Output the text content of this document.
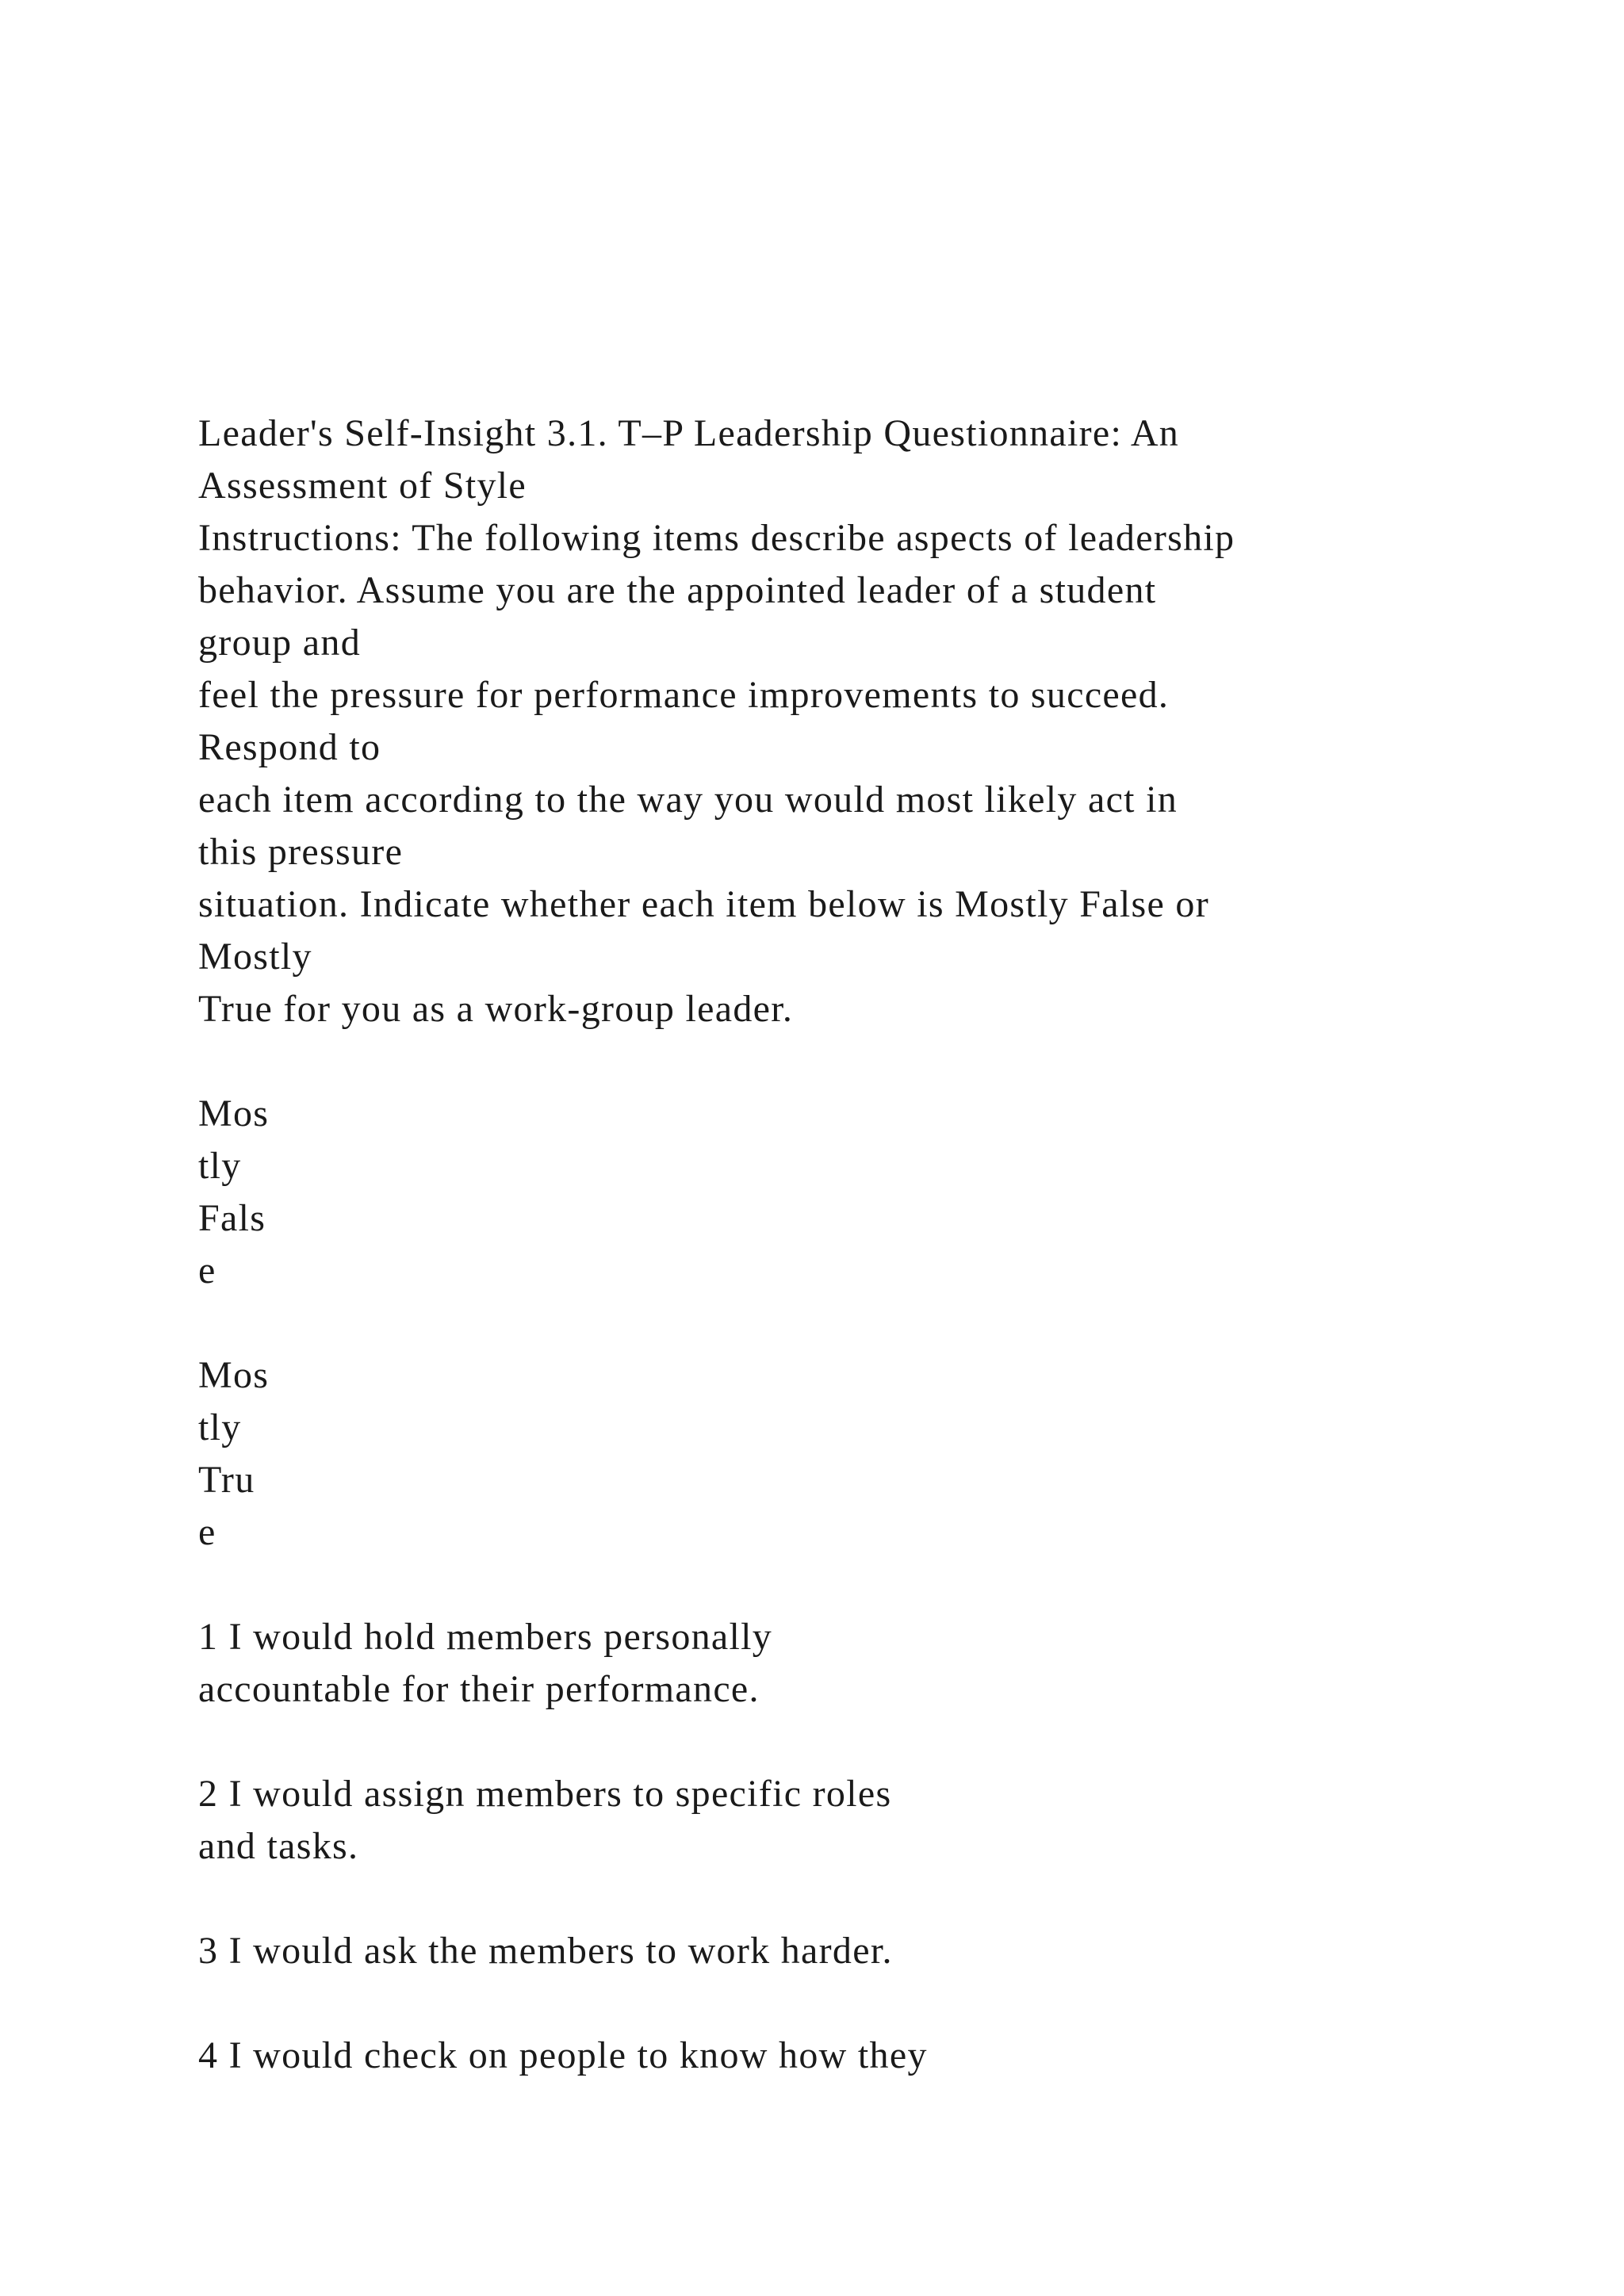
Leader's Self-Insight 3.1. T–P Leadership Questionnaire: An
Assessment of Style
Instructions: The following items describe aspects of leadership
behavior. Assume you are the appointed leader of a student
group and
feel the pressure for performance improvements to succeed.
Respond to
each item according to the way you would most likely act in
this pressure
situation. Indicate whether each item below is Mostly False or
Mostly
True for you as a work-group leader.
Mos
tly
Fals
e
Mos
tly
Tru
e
1 I would hold members personally
accountable for their performance.
2 I would assign members to specific roles
and tasks.
3 I would ask the members to work harder.
4 I would check on people to know how they
